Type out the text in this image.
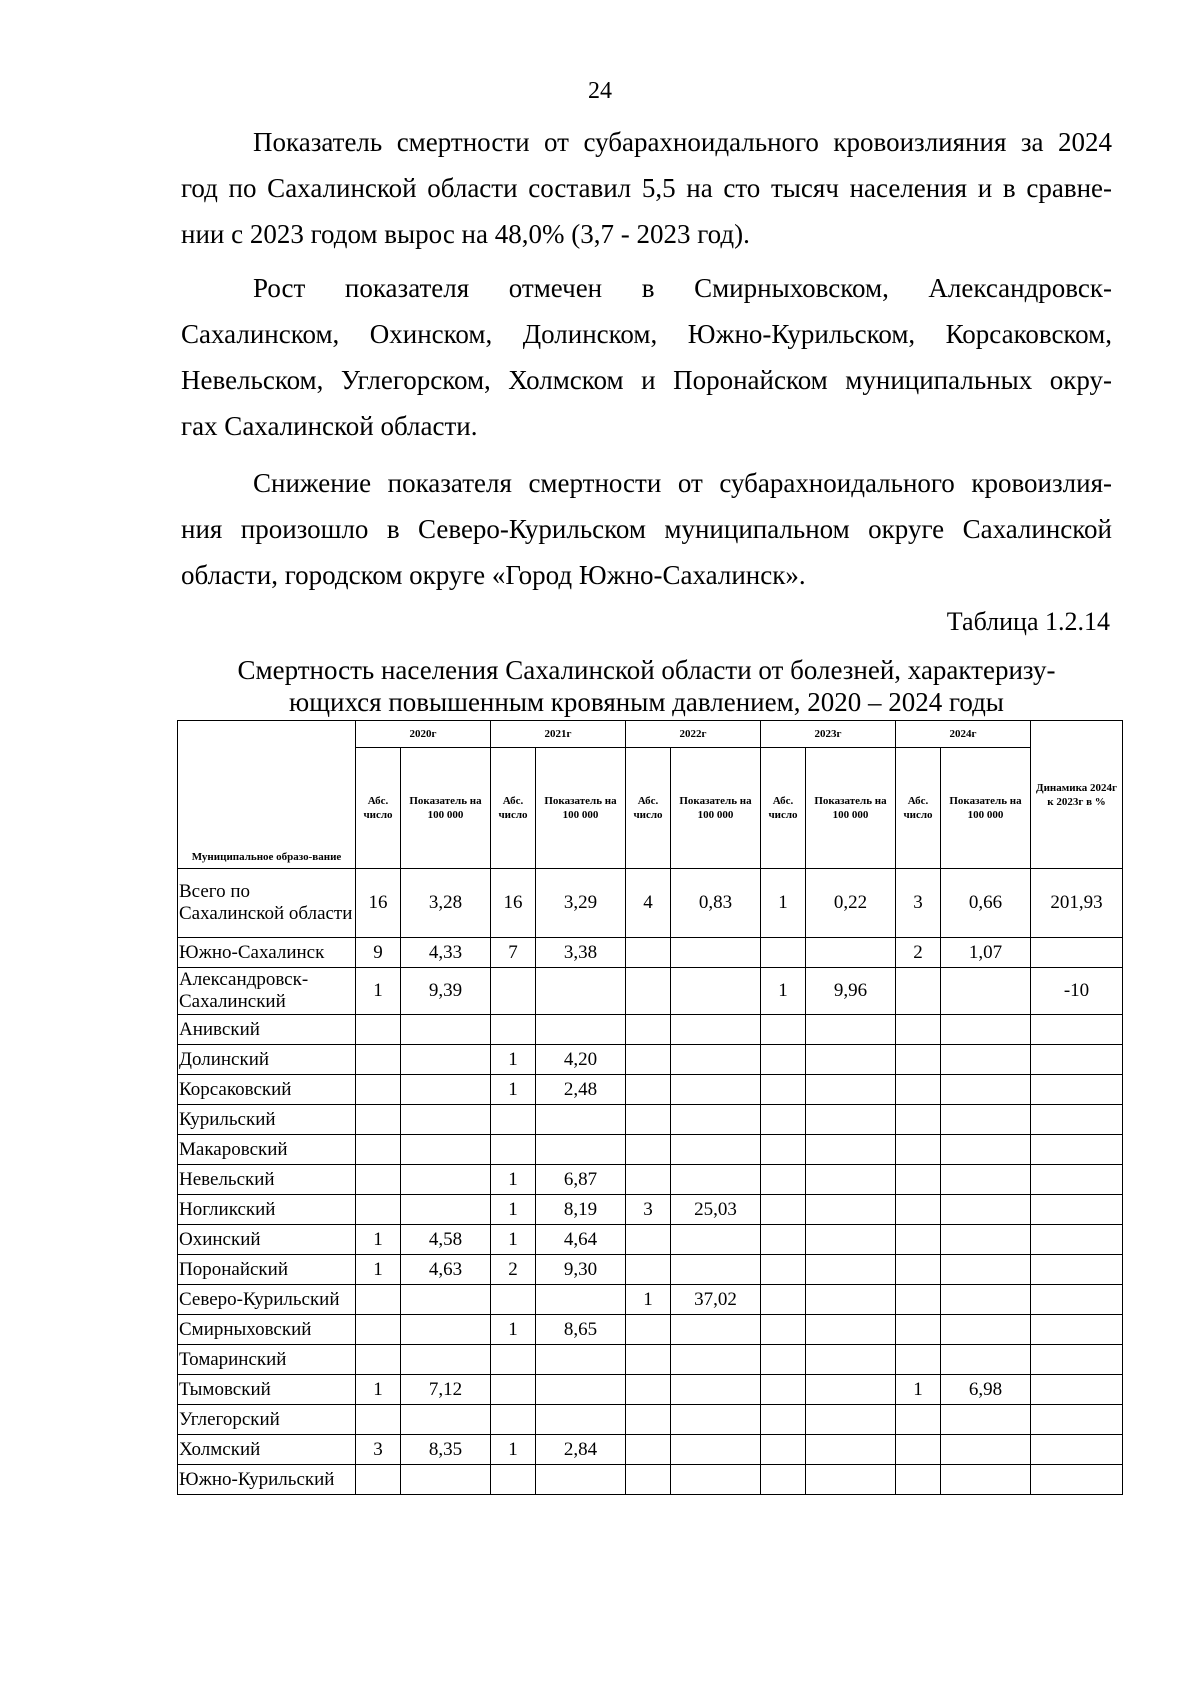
24
Показатель смертности от субарахноидального кровоизлияния за 2024
год по Сахалинской области составил 5,5 на сто тысяч населения и в сравне-
нии с 2023 годом вырос на 48,0% (3,7 - 2023 год).
Рост показателя отмечен в Смирныховском, Александровск-
Сахалинском, Охинском, Долинском, Южно-Курильском, Корсаковском,
Невельском, Углегорском, Холмском и Поронайском муниципальных окру-
гах Сахалинской области.
Снижение показателя смертности от субарахноидального кровоизлия-
ния произошло в Северо-Курильском муниципальном округе Сахалинской
области, городском округе «Город Южно-Сахалинск».
Таблица 1.2.14
Смертность населения Сахалинской области от болезней, характеризу-
ющихся повышенным кровяным давлением, 2020 – 2024 годы
Муниципальное образо-вание	2020г		2021г		2022г		2023г		2024г		Динамика 2024г к 2023г в %
	Абс. число	Показатель на 100 000	Абс. число	Показатель на 100 000	Абс. число	Показатель на 100 000	Абс. число	Показатель на 100 000	Абс. число	Показатель на 100 000	
Всего по Сахалинской области	16	3,28	16	3,29	4	0,83	1	0,22	3	0,66	201,93
Южно-Сахалинск	9	4,33	7	3,38					2	1,07	
Александровск-Сахалинский	1	9,39					1	9,96			-10
Анивский											
Долинский			1	4,20							
Корсаковский			1	2,48							
Курильский											
Макаровский											
Невельский			1	6,87							
Ногликский			1	8,19	3	25,03					
Охинский	1	4,58	1	4,64							
Поронайский	1	4,63	2	9,30							
Северо-Курильский					1	37,02					
Смирныховский			1	8,65							
Томаринский											
Тымовский	1	7,12							1	6,98	
Углегорский											
Холмский	3	8,35	1	2,84							
Южно-Курильский											
